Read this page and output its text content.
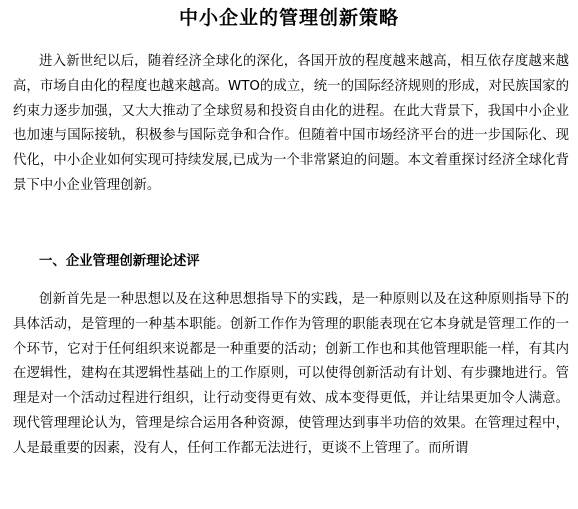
中小企业的管理创新策略

进入新世纪以后，随着经济全球化的深化，各国开放的程度越来越高，相互依存度越来越高，市场自由化的程度也越来越高。WTO的成立，统一的国际经济规则的形成，对民族国家的约束力逐步加强，又大大推动了全球贸易和投资自由化的进程。在此大背景下，我国中小企业也加速与国际接轨，积极参与国际竞争和合作。但随着中国市场经济平台的进一步国际化、现代化，中小企业如何实现可持续发展,已成为一个非常紧迫的问题。本文着重探讨经济全球化背景下中小企业管理创新。

一、企业管理创新理论述评

创新首先是一种思想以及在这种思想指导下的实践，是一种原则以及在这种原则指导下的具体活动，是管理的一种基本职能。创新工作作为管理的职能表现在它本身就是管理工作的一个环节，它对于任何组织来说都是一种重要的活动；创新工作也和其他管理职能一样，有其内在逻辑性，建构在其逻辑性基础上的工作原则，可以使得创新活动有计划、有步骤地进行。管理是对一个活动过程进行组织，让行动变得更有效、成本变得更低，并让结果更加令人满意。现代管理理论认为，管理是综合运用各种资源，使管理达到事半功倍的效果。在管理过程中，人是最重要的因素，没有人，任何工作都无法进行，更谈不上管理了。而所谓
